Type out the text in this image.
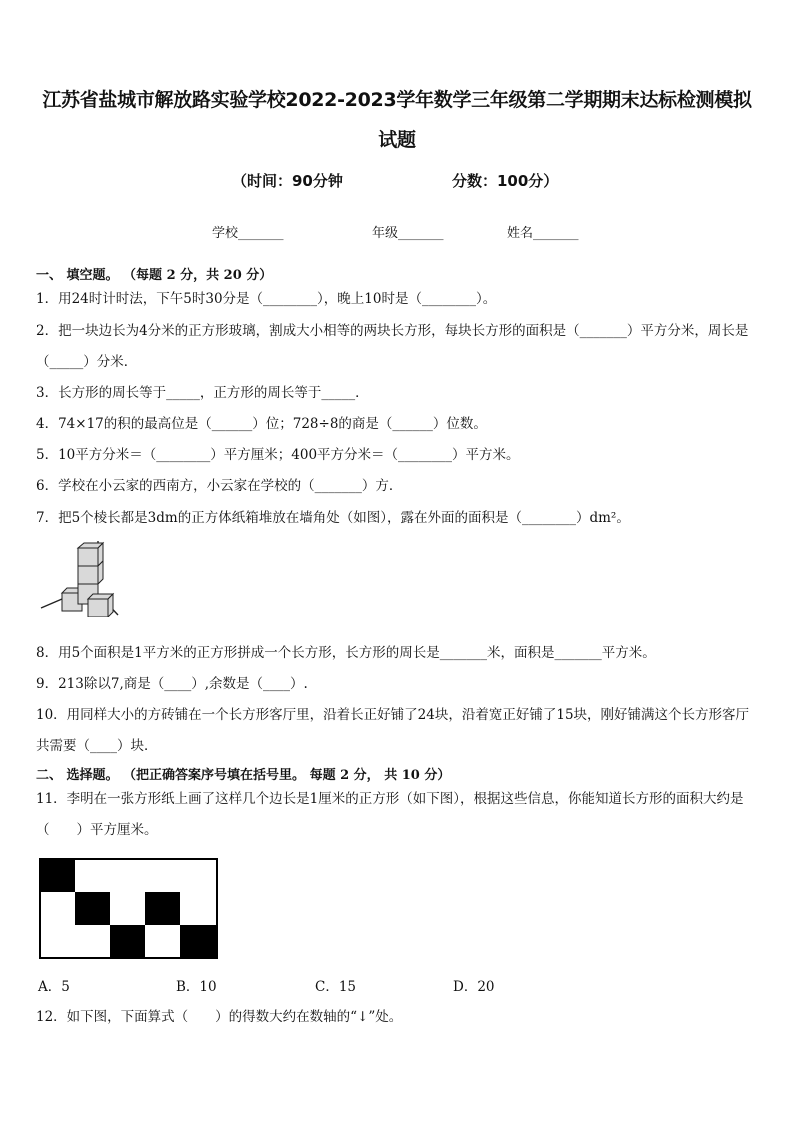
江苏省盐城市解放路实验学校2022-2023学年数学三年级第二学期期末达标检测模拟
试题
（时间：90分钟	分数：100分）
学校_______	年级_______	姓名_______
一、 填空题。 （每题 2 分，共 20 分）
1．用24时计时法，下午5时30分是（________），晚上10时是（________）。
2．把一块边长为4分米的正方形玻璃，割成大小相等的两块长方形，每块长方形的面积是（_______）平方分米，周长是（_____）分米．
3．长方形的周长等于_____，正方形的周长等于_____．
4．74×17的积的最高位是（______）位；728÷8的商是（______）位数。
5．10平方分米＝（________）平方厘米；400平方分米＝（________）平方米。
6．学校在小云家的西南方，小云家在学校的（_______）方．
7．把5个棱长都是3dm的正方体纸箱堆放在墙角处（如图），露在外面的面积是（________）dm²。
8．用5个面积是1平方米的正方形拼成一个长方形，长方形的周长是_______米，面积是_______平方米。
9．213除以7,商是（____）,余数是（____）.
10．用同样大小的方砖铺在一个长方形客厅里，沿着长正好铺了24块，沿着宽正好铺了15块，刚好铺满这个长方形客厅共需要（____）块．
二、 选择题。 （把正确答案序号填在括号里。 每题 2 分， 共 10 分）
11．李明在一张方形纸上画了这样几个边长是1厘米的正方形（如下图），根据这些信息，你能知道长方形的面积大约是（　　）平方厘米。
A．5	B．10	C．15	D．20
12．如下图，下面算式（　　）的得数大约在数轴的“↓”处。
